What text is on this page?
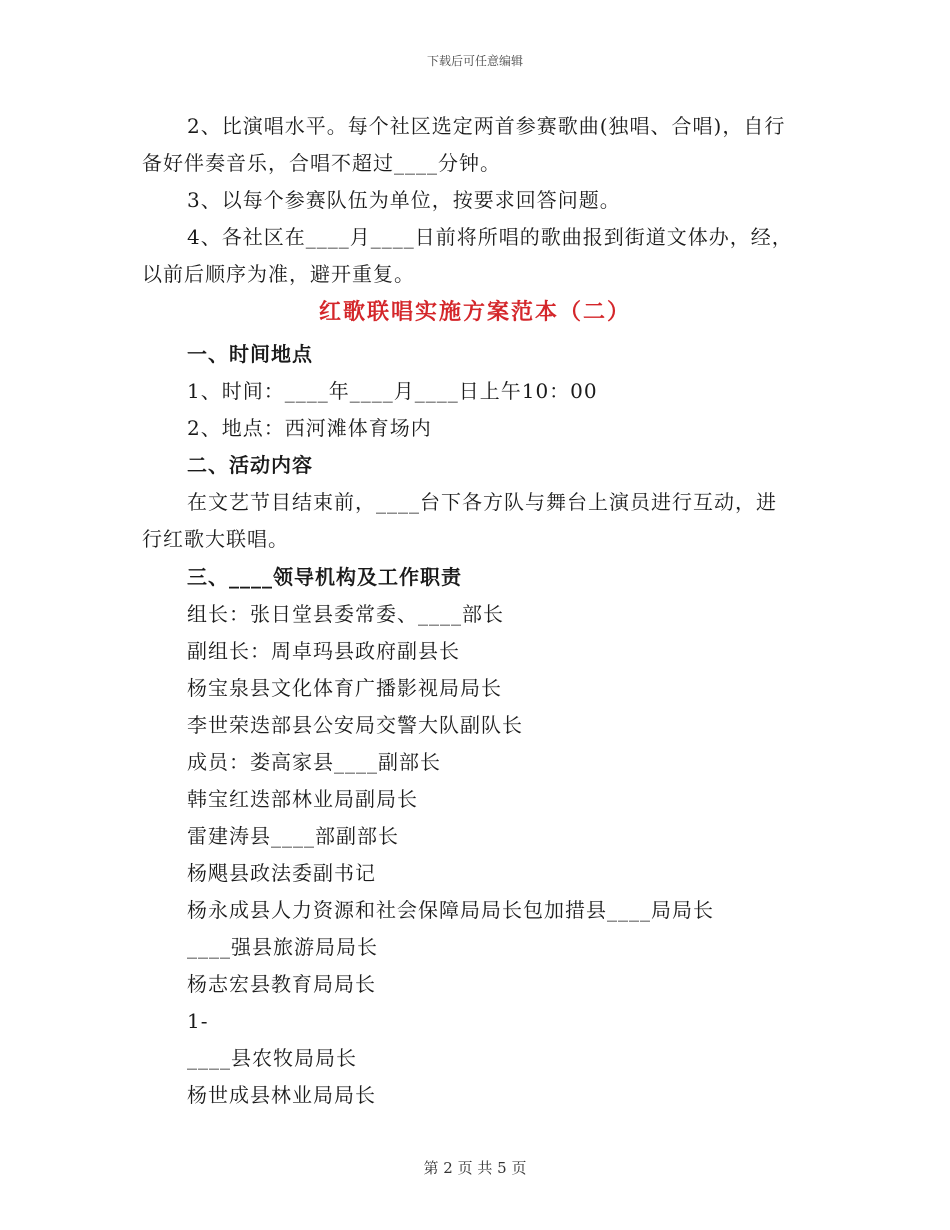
下载后可任意编辑
2、比演唱水平。每个社区选定两首参赛歌曲(独唱、合唱)，自行
备好伴奏音乐，合唱不超过____分钟。
3、以每个参赛队伍为单位，按要求回答问题。
4、各社区在____月____日前将所唱的歌曲报到街道文体办，经，
以前后顺序为准，避开重复。
红歌联唱实施方案范本（二）
一、时间地点
1、时间：____年____月____日上午10：00
2、地点：西河滩体育场内
二、活动内容
在文艺节目结束前，____台下各方队与舞台上演员进行互动，进
行红歌大联唱。
三、____领导机构及工作职责
组长：张日堂县委常委、____部长
副组长：周卓玛县政府副县长
杨宝泉县文化体育广播影视局局长
李世荣迭部县公安局交警大队副队长
成员：娄高家县____副部长
韩宝红迭部林业局副局长
雷建涛县____部副部长
杨飓县政法委副书记
杨永成县人力资源和社会保障局局长包加措县____局局长
____强县旅游局局长
杨志宏县教育局局长
1-
____县农牧局局长
杨世成县林业局局长
第 2 页 共 5 页
